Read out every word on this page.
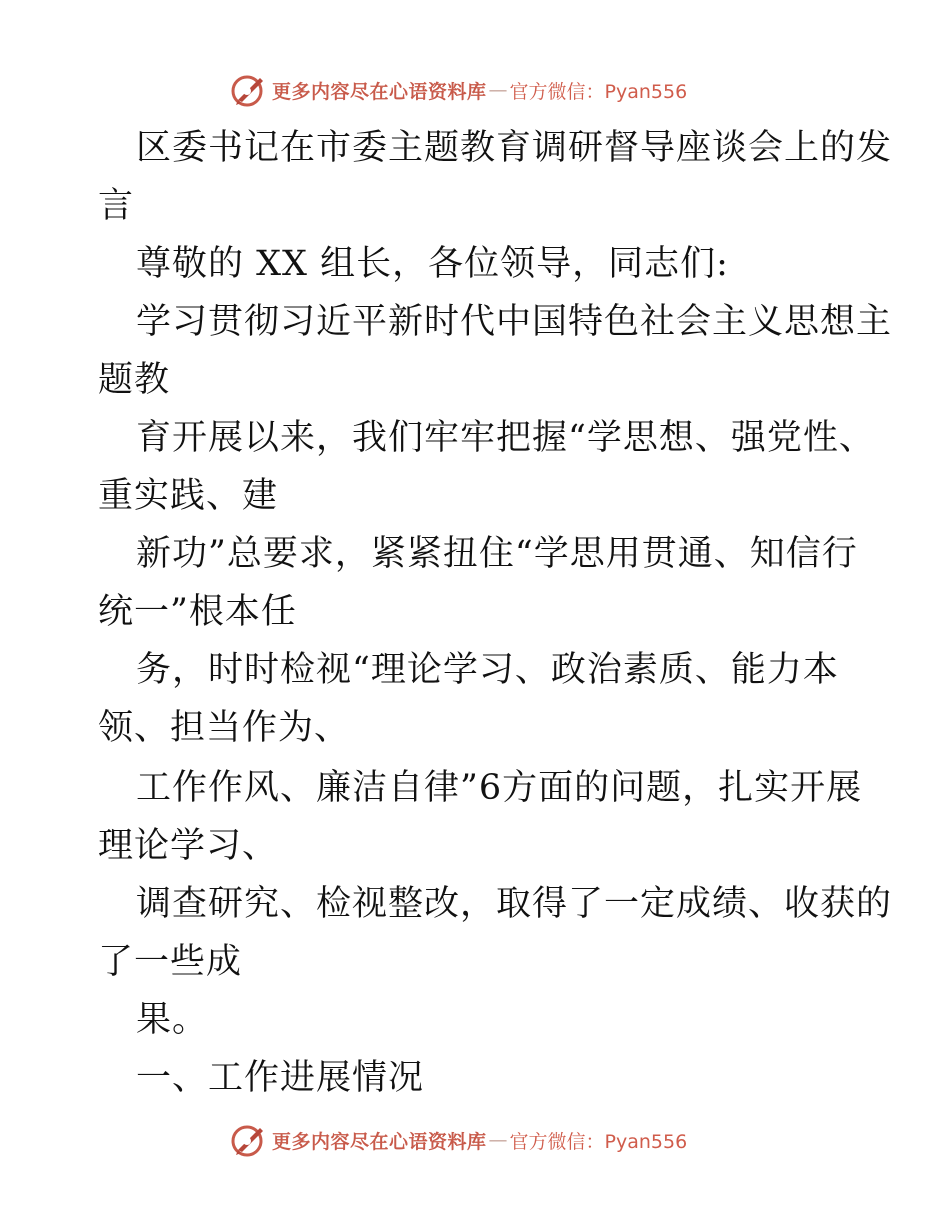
更多内容尽在心语资料库 — 官方微信：Pyan556
区委书记在市委主题教育调研督导座谈会上的发
言
尊敬的 XX 组长，各位领导，同志们:
学习贯彻习近平新时代中国特色社会主义思想主
题教
育开展以来，我们牢牢把握“学思想、强党性、
重实践、建
新功”总要求，紧紧扭住“学思用贯通、知信行
统一”根本任
务，时时检视“理论学习、政治素质、能力本
领、担当作为、
工作作风、廉洁自律”6方面的问题，扎实开展
理论学习、
调查研究、检视整改，取得了一定成绩、收获的
了一些成
果。
一、工作进展情况
更多内容尽在心语资料库 — 官方微信：Pyan556
